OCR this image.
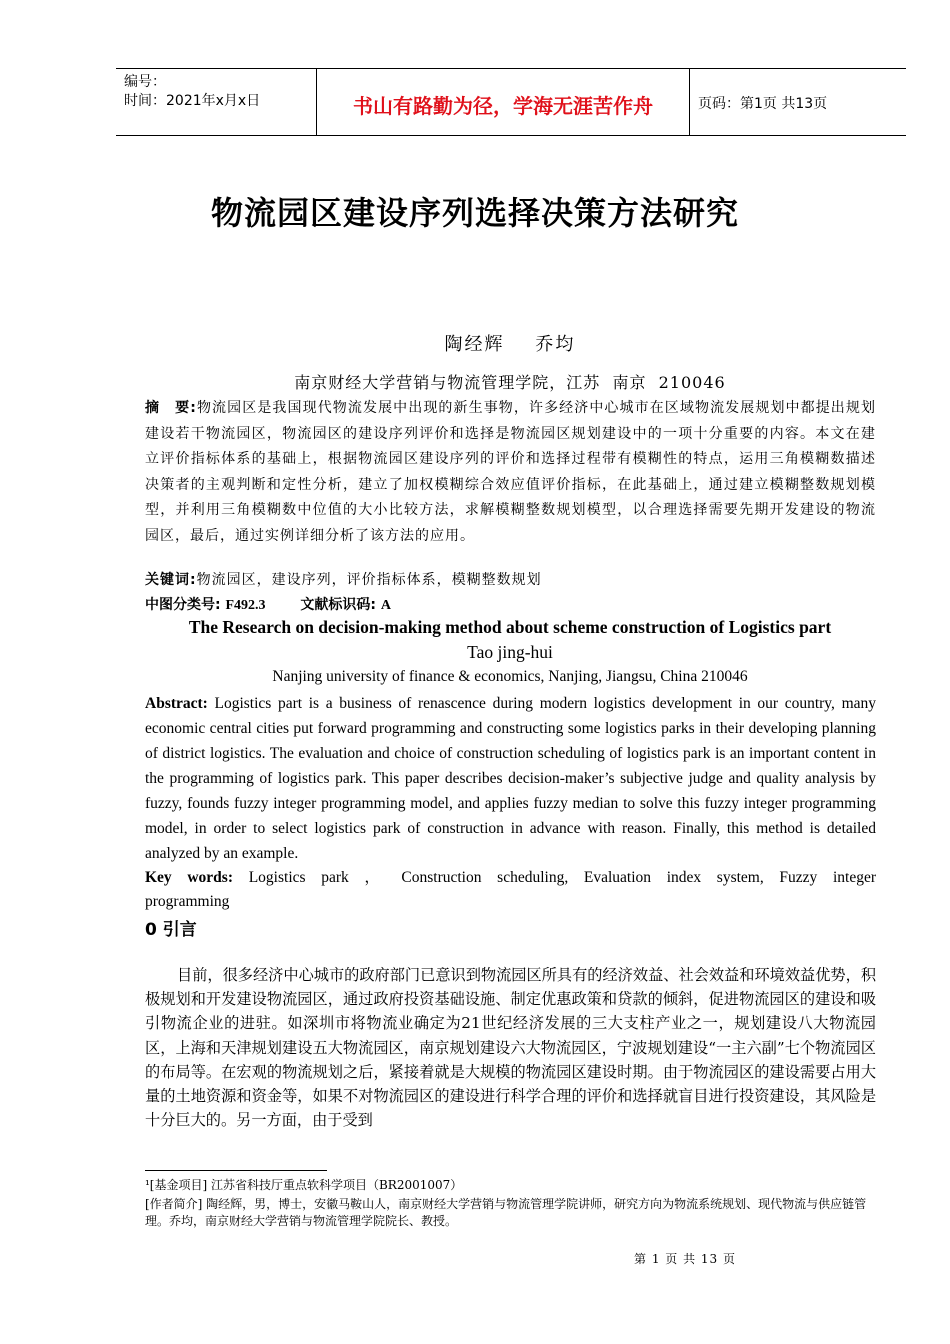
编号：
时间：2021年x月x日	书山有路勤为径，学海无涯苦作舟	页码：第1页 共13页
物流园区建设序列选择决策方法研究
陶经辉    乔均
南京财经大学营销与物流管理学院，江苏  南京  210046
摘　要:物流园区是我国现代物流发展中出现的新生事物，许多经济中心城市在区域物流发展规划中都提出规划建设若干物流园区，物流园区的建设序列评价和选择是物流园区规划建设中的一项十分重要的内容。本文在建立评价指标体系的基础上，根据物流园区建设序列的评价和选择过程带有模糊性的特点，运用三角模糊数描述决策者的主观判断和定性分析，建立了加权模糊综合效应值评价指标，在此基础上，通过建立模糊整数规划模型，并利用三角模糊数中位值的大小比较方法，求解模糊整数规划模型，以合理选择需要先期开发建设的物流园区，最后，通过实例详细分析了该方法的应用。
关键词:物流园区，建设序列，评价指标体系，模糊整数规划
中图分类号: F492.3 文献标识码: A
The Research on decision-making method about scheme construction of Logistics part
Tao jing-hui
Nanjing university of finance & economics, Nanjing, Jiangsu, China 210046
Abstract: Logistics part is a business of renascence during modern logistics development in our country, many economic central cities put forward programming and constructing some logistics parks in their developing planning of district logistics. The evaluation and choice of construction scheduling of logistics park is an important content in the programming of logistics park. This paper describes decision-maker’s subjective judge and quality analysis by fuzzy, founds fuzzy integer programming model, and applies fuzzy median to solve this fuzzy integer programming model, in order to select logistics park of construction in advance with reason. Finally, this method is detailed analyzed by an example.
Key words: Logistics park ， Construction scheduling, Evaluation index system, Fuzzy integer programming
0 引言
目前，很多经济中心城市的政府部门已意识到物流园区所具有的经济效益、社会效益和环境效益优势，积极规划和开发建设物流园区，通过政府投资基础设施、制定优惠政策和贷款的倾斜，促进物流园区的建设和吸引物流企业的进驻。如深圳市将物流业确定为21世纪经济发展的三大支柱产业之一，规划建设八大物流园区，上海和天津规划建设五大物流园区，南京规划建设六大物流园区，宁波规划建设“一主六副”七个物流园区的布局等。在宏观的物流规划之后，紧接着就是大规模的物流园区建设时期。由于物流园区的建设需要占用大量的土地资源和资金等，如果不对物流园区的建设进行科学合理的评价和选择就盲目进行投资建设，其风险是十分巨大的。另一方面，由于受到
¹[基金项目] 江苏省科技厅重点软科学项目（BR2001007）
[作者简介] 陶经辉，男，博士，安徽马鞍山人，南京财经大学营销与物流管理学院讲师，研究方向为物流系统规划、现代物流与供应链管理。乔均，南京财经大学营销与物流管理学院院长、教授。
第 1 页 共 13 页
